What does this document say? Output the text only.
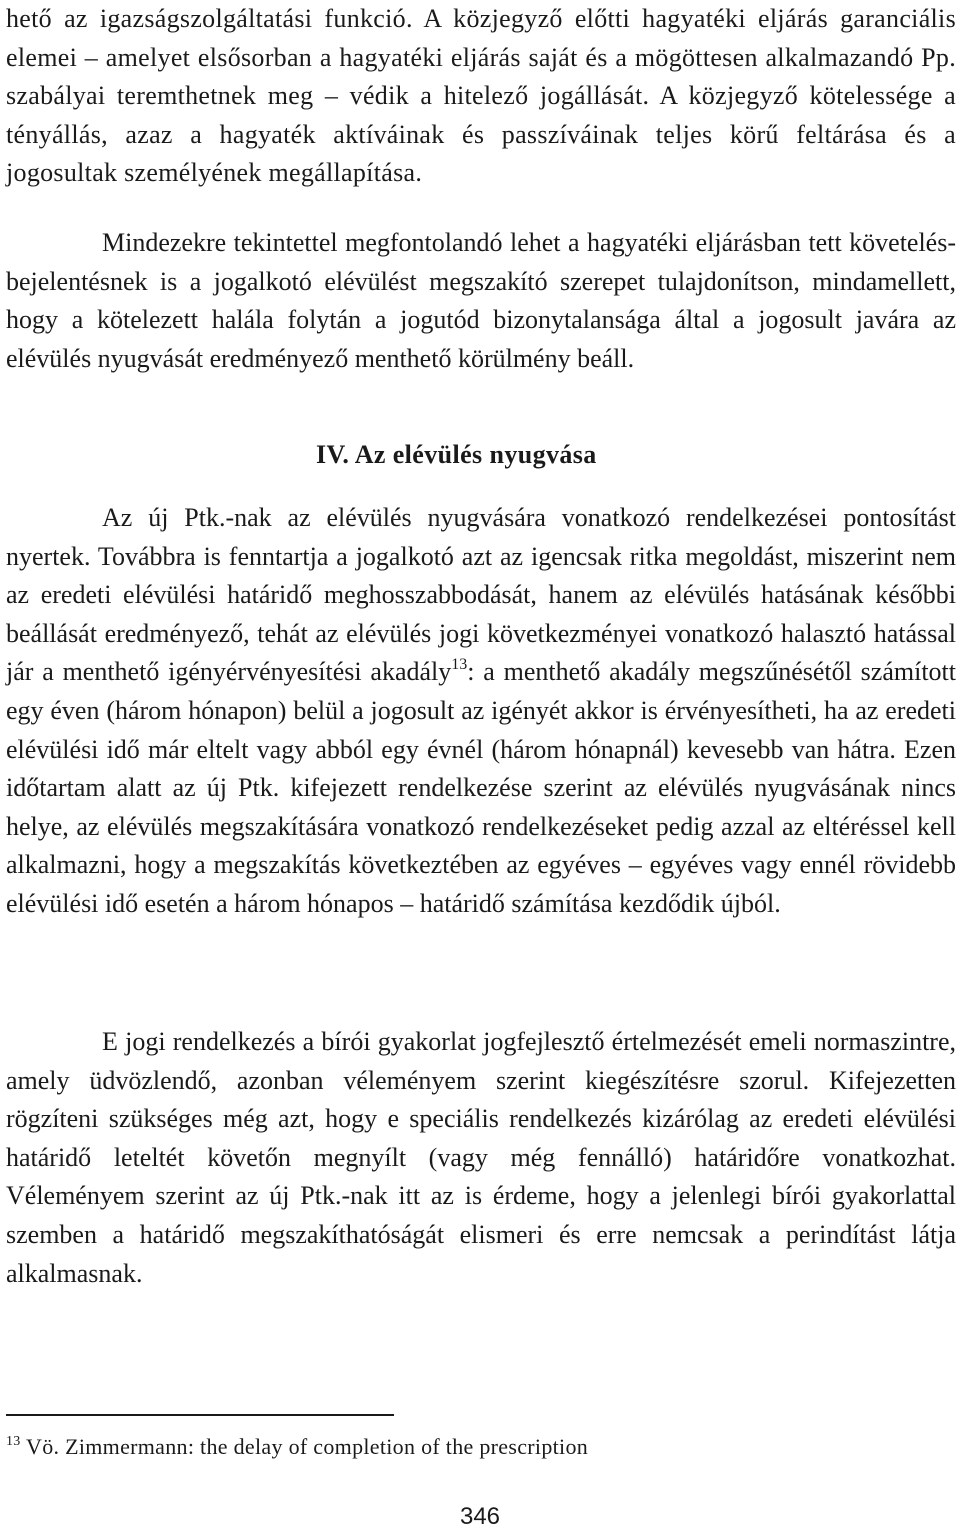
hető az igazságszolgáltatási funkció. A közjegyző előtti hagyatéki eljárás garanciális elemei – amelyet elsősorban a hagyatéki eljárás saját és a mögöttesen alkalmazandó Pp. szabályai teremthetnek meg – védik a hitelező jogállását. A közjegyző kötelessége a tényállás, azaz a hagyaték aktíváinak és passzíváinak teljes körű feltárása és a jogosultak személyének megállapítása.

Mindezekre tekintettel megfontolandó lehet a hagyatéki eljárásban tett követelés-bejelentésnek is a jogalkotó elévülést megszakító szerepet tulajdonítson, mindamellett, hogy a kötelezett halála folytán a jogutód bizonytalansága által a jogosult javára az elévülés nyugvását eredményező menthető körülmény beáll.

IV. Az elévülés nyugvása

Az új Ptk.-nak az elévülés nyugvására vonatkozó rendelkezései pontosítást nyertek. Továbbra is fenntartja a jogalkotó azt az igencsak ritka megoldást, miszerint nem az eredeti elévülési határidő meghosszabbodását, hanem az elévülés hatásának későbbi beállását eredményező, tehát az elévülés jogi következményei vonatkozó halasztó hatással jár a menthető igényérvényesítési akadály$^{13}$: a menthető akadály megszűnésétől számított egy éven (három hónapon) belül a jogosult az igényét akkor is érvényesítheti, ha az eredeti elévülési idő már eltelt vagy abból egy évnél (három hónapnál) kevesebb van hátra. Ezen időtartam alatt az új Ptk. kifejezett rendelkezése szerint az elévülés nyugvásának nincs helye, az elévülés megszakítására vonatkozó rendelkezéseket pedig azzal az eltéréssel kell alkalmazni, hogy a megszakítás következtében az egyéves – egyéves vagy ennél rövidebb elévülési idő esetén a három hónapos – határidő számítása kezdődik újból.

E jogi rendelkezés a bírói gyakorlat jogfejlesztő értelmezését emeli normaszintre, amely üdvözlendő, azonban véleményem szerint kiegészítésre szorul. Kifejezetten rögzíteni szükséges még azt, hogy e speciális rendelkezés kizárólag az eredeti elévülési határidő leteltét követőn megnyílt (vagy még fennálló) határidőre vonatkozhat. Véleményem szerint az új Ptk.-nak itt az is érdeme, hogy a jelenlegi bírói gyakorlattal szemben a határidő megszakíthatóságát elismeri és erre nemcsak a perindítást látja alkalmasnak.

$^{13}$ Vö. Zimmermann: the delay of completion of the prescription

346
